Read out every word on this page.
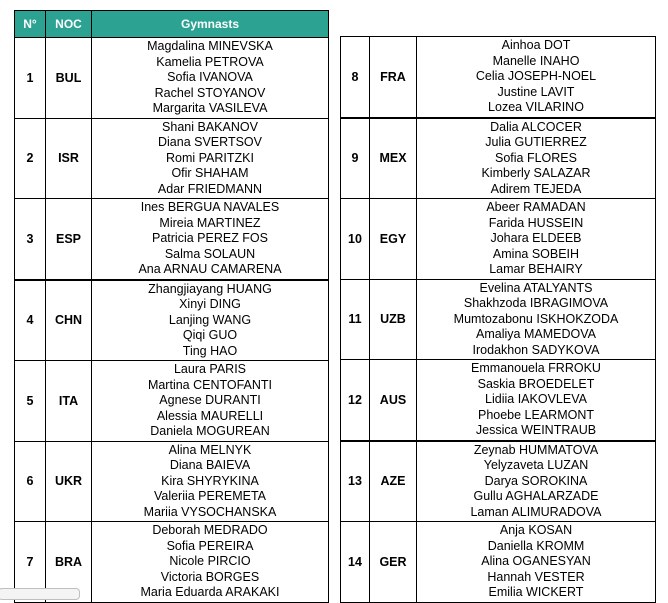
N°	NOC	Gymnasts
1	BUL	Magdalina MINEVSKA
Kamelia PETROVA
Sofia IVANOVA
Rachel STOYANOV
Margarita VASILEVA

2	ISR	Shani BAKANOV
Diana SVERTSOV
Romi PARITZKI
Ofir SHAHAM
Adar FRIEDMANN

3	ESP	Ines BERGUA NAVALES
Mireia MARTINEZ
Patricia PEREZ FOS
Salma SOLAUN
Ana ARNAU CAMARENA

4	CHN	Zhangjiayang HUANG
Xinyi DING
Lanjing WANG
Qiqi GUO
Ting HAO

5	ITA	Laura PARIS
Martina CENTOFANTI
Agnese DURANTI
Alessia MAURELLI
Daniela MOGUREAN

6	UKR	Alina MELNYK
Diana BAIEVA
Kira SHYRYKINA
Valeriia PEREMETA
Mariia VYSOCHANSKA

7	BRA	Deborah MEDRADO
Sofia PEREIRA
Nicole PIRCIO
Victoria BORGES
Maria Eduarda ARAKAKI
8	FRA	Ainhoa DOT
Manelle INAHO
Celia JOSEPH-NOEL
Justine LAVIT
Lozea VILARINO

9	MEX	Dalia ALCOCER
Julia GUTIERREZ
Sofia FLORES
Kimberly SALAZAR
Adirem TEJEDA

10	EGY	Abeer RAMADAN
Farida HUSSEIN
Johara ELDEEB
Amina SOBEIH
Lamar BEHAIRY

11	UZB	Evelina ATALYANTS
Shakhzoda IBRAGIMOVA
Mumtozabonu ISKHOKZODA
Amaliya MAMEDOVA
Irodakhon SADYKOVA

12	AUS	Emmanouela FRROKU
Saskia BROEDELET
Lidiia IAKOVLEVA
Phoebe LEARMONT
Jessica WEINTRAUB

13	AZE	Zeynab HUMMATOVA
Yelyzaveta LUZAN
Darya SOROKINA
Gullu AGHALARZADE
Laman ALIMURADOVA

14	GER	Anja KOSAN
Daniella KROMM
Alina OGANESYAN
Hannah VESTER
Emilia WICKERT
